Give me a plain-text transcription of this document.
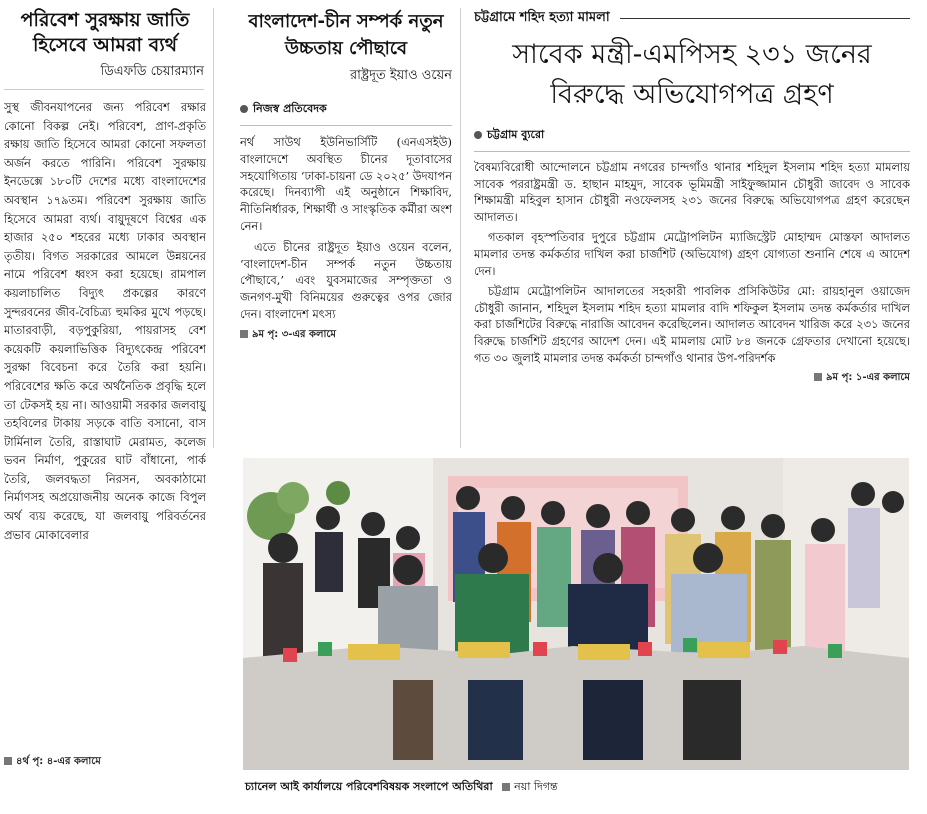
পরিবেশ সুরক্ষায় জাতি হিসেবে আমরা ব্যর্থ
ডিএফডি চেয়ারম্যান
সুস্থ জীবনযাপনের জন্য পরিবেশ রক্ষার কোনো বিকল্প নেই। পরিবেশ, প্রাণ-প্রকৃতি রক্ষায় জাতি হিসেবে আমরা কোনো সফলতা অর্জন করতে পারিনি। পরিবেশ সুরক্ষায় ইনডেক্সে ১৮০টি দেশের মধ্যে বাংলাদেশের অবস্থান ১৭৯তম। পরিবেশ সুরক্ষায় জাতি হিসেবে আমরা ব্যর্থ। বায়ুদূষণে বিশ্বের এক হাজার ২৫০ শহরের মধ্যে ঢাকার অবস্থান তৃতীয়। বিগত সরকারের আমলে উন্নয়নের নামে পরিবেশ ধ্বংস করা হয়েছে। রামপাল কয়লাচালিত বিদ্যুৎ প্রকল্পের কারণে সুন্দরবনের জীব-বৈচিত্র্য হুমকির মুখে পড়ছে। মাতারবাড়ী, বড়পুকুরিয়া, পায়রাসহ বেশ কয়েকটি কয়লাভিত্তিক বিদ্যুৎকেন্দ্র পরিবেশ সুরক্ষা বিবেচনা করে তৈরি করা হয়নি। পরিবেশের ক্ষতি করে অর্থনৈতিক প্রবৃদ্ধি হলে তা টেকসই হয় না। আওয়ামী সরকার জলবায়ু তহবিলের টাকায় সড়কে বাতি বসানো, বাস টার্মিনাল তৈরি, রাস্তাঘাট মেরামত, কলেজ ভবন নির্মাণ, পুকুরের ঘাট বাঁধানো, পার্ক তৈরি, জলবদ্ধতা নিরসন, অবকাঠামো নির্মাণসহ অপ্রয়োজনীয় অনেক কাজে বিপুল অর্থ ব্যয় করেছে, যা জলবায়ু পরিবর্তনের প্রভাব মোকাবেলার
৪র্থ পৃ: ৪-এর কলামে
বাংলাদেশ-চীন সম্পর্ক নতুন উচ্চতায় পৌছাবে
রাষ্ট্রদূত ইয়াও ওয়েন
নিজস্ব প্রতিবেদক

নর্থ সাউথ ইউনিভার্সিটি (এনএসইউ) বাংলাদেশে অবস্থিত চীনের দূতাবাসের সহযোগিতায় ‘ঢাকা-চায়না ডে ২০২৫’ উদযাপন করেছে। দিনব্যাপী এই অনুষ্ঠানে শিক্ষাবিদ, নীতিনির্ধারক, শিক্ষার্থী ও সাংস্কৃতিক কর্মীরা অংশ নেন।

এতে চীনের রাষ্ট্রদূত ইয়াও ওয়েন বলেন, ‘বাংলাদেশ-চীন সম্পর্ক নতুন উচ্চতায় পৌছাবে,’ এবং যুবসমাজের সম্পৃক্ততা ও জনগণ-মুখী বিনিময়ের গুরুত্বের ওপর জোর দেন। বাংলাদেশ মৎস্য

৯ম পৃ: ৩-এর কলামে
চট্টগ্রামে শহিদ হত্যা মামলা
সাবেক মন্ত্রী-এমপিসহ ২৩১ জনের বিরুদ্ধে অভিযোগপত্র গ্রহণ
চট্টগ্রাম ব্যুরো

বৈষম্যবিরোধী আন্দোলনে চট্টগ্রাম নগরের চান্দগাঁও থানার শহিদুল ইসলাম শহিদ হত্যা মামলায় সাবেক পররাষ্ট্রমন্ত্রী ড. হাছান মাহমুদ, সাবেক ভূমিমন্ত্রী সাইফুজ্জামান চৌধুরী জাবেদ ও সাবেক শিক্ষামন্ত্রী মহিবুল হাসান চৌধুরী নওফেলসহ ২৩১ জনের বিরুদ্ধে অভিযোগপত্র গ্রহণ করেছেন আদালত।

গতকাল বৃহস্পতিবার দুপুরে চট্টগ্রাম মেট্রোপলিটন ম্যাজিস্ট্রেট মোহাম্মদ মোস্তফা আদালত মামলার তদন্ত কর্মকর্তার দাখিল করা চার্জশিট (অভিযোগ) গ্রহণ যোগ্যতা শুনানি শেষে এ আদেশ দেন।

চট্টগ্রাম মেট্রোপলিটন আদালতের সহকারী পাবলিক প্রসিকিউটর মো: রায়হানুল ওয়াজেদ চৌধুরী জানান, শহিদুল ইসলাম শহিদ হত্যা মামলার বাদি শফিকুল ইসলাম তদন্ত কর্মকর্তার দাখিল করা চার্জশিটের বিরুদ্ধে নারাজি আবেদন করেছিলেন। আদালত আবেদন খারিজ করে ২৩১ জনের বিরুদ্ধে চার্জশিট গ্রহণের আদেশ দেন। এই মামলায় মোট ৮৪ জনকে গ্রেফতার দেখানো হয়েছে। গত ৩০ জুলাই মামলার তদন্ত কর্মকর্তা চান্দগাঁও থানার উপ-পরিদর্শক

৯ম পৃ: ১-এর কলামে
চ্যানেল আই কার্যালয়ে পরিবেশবিষয়ক সংলাপে অতিথিরা নয়া দিগন্ত
